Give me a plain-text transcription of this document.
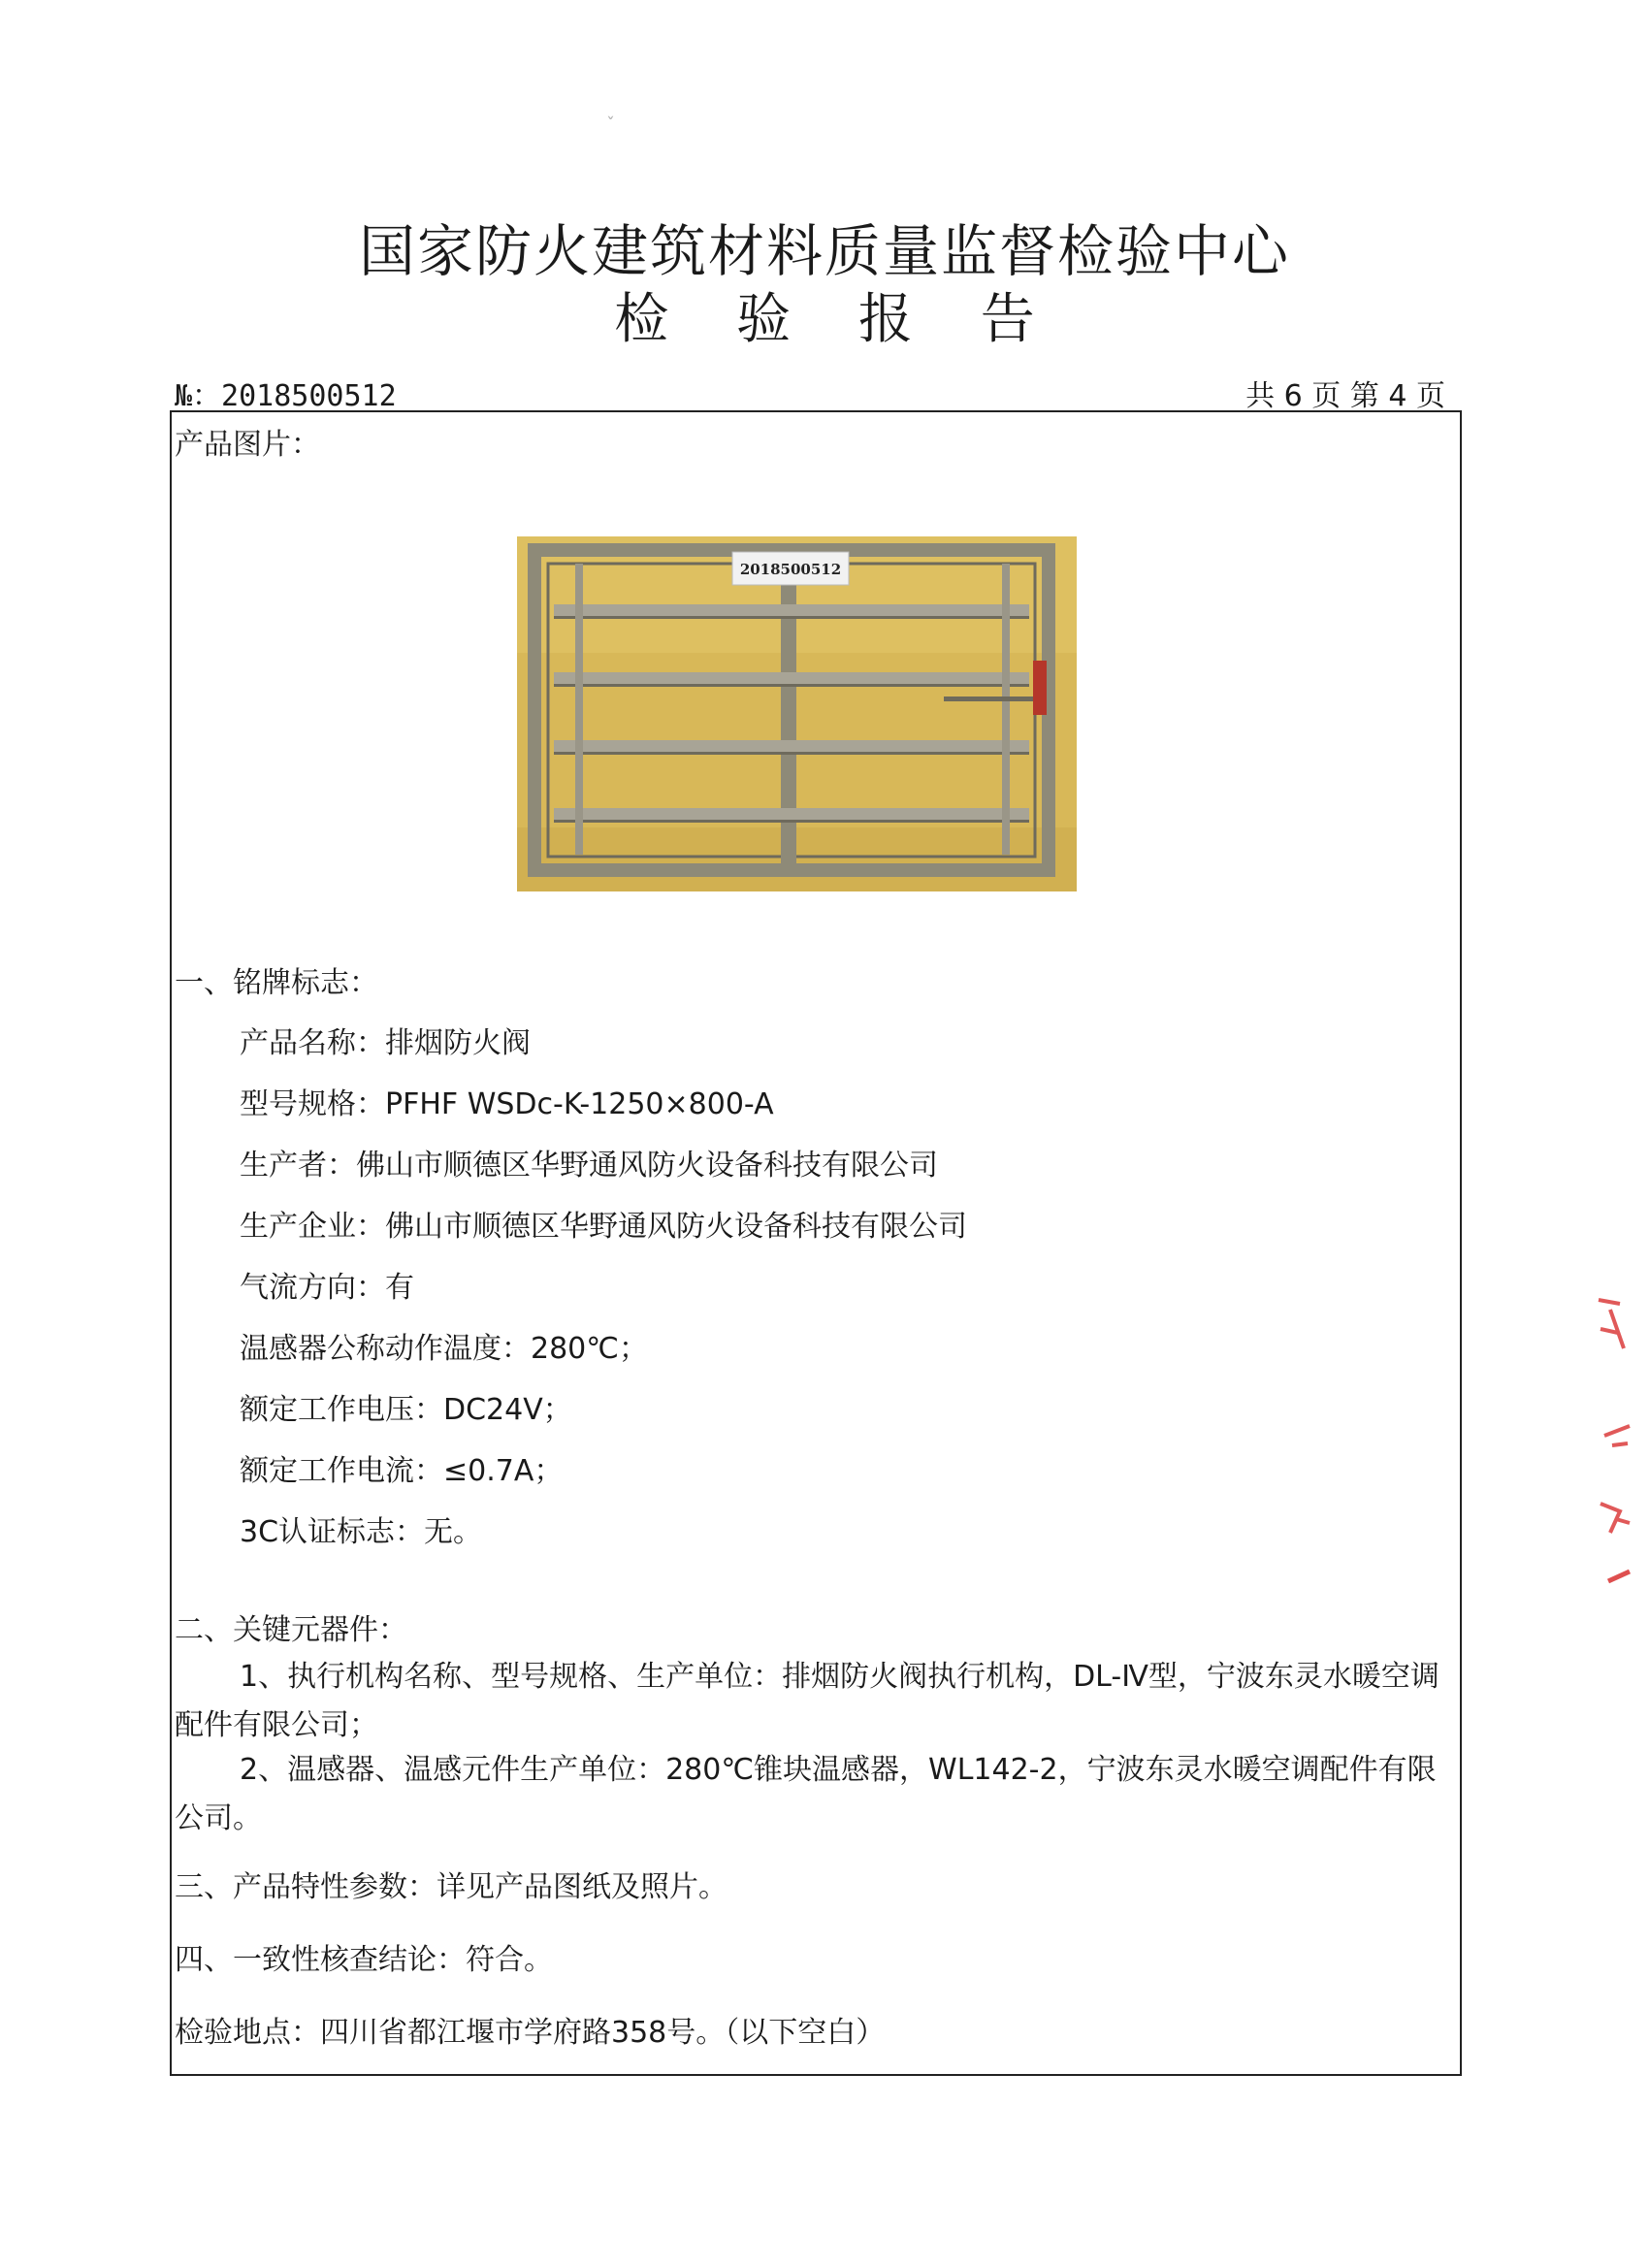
ˇ
国家防火建筑材料质量监督检验中心
检 验 报 告
№：2018500512	共 6 页 第 4 页
产品图片：
2018500512
一、铭牌标志：
产品名称：排烟防火阀
型号规格：PFHF WSDc-K-1250×800-A
生产者：佛山市顺德区华野通风防火设备科技有限公司
生产企业：佛山市顺德区华野通风防火设备科技有限公司
气流方向：有
温感器公称动作温度：280℃；
额定工作电压：DC24V；
额定工作电流：≤0.7A；
3C认证标志：无。
二、关键元器件：
1、执行机构名称、型号规格、生产单位：排烟防火阀执行机构，DL-Ⅳ型，宁波东灵水暖空调配件有限公司；
2、温感器、温感元件生产单位：280℃锥块温感器，WL142-2，宁波东灵水暖空调配件有限公司。
三、产品特性参数：详见产品图纸及照片。
四、一致性核查结论：符合。
检验地点：四川省都江堰市学府路358号。（以下空白）
